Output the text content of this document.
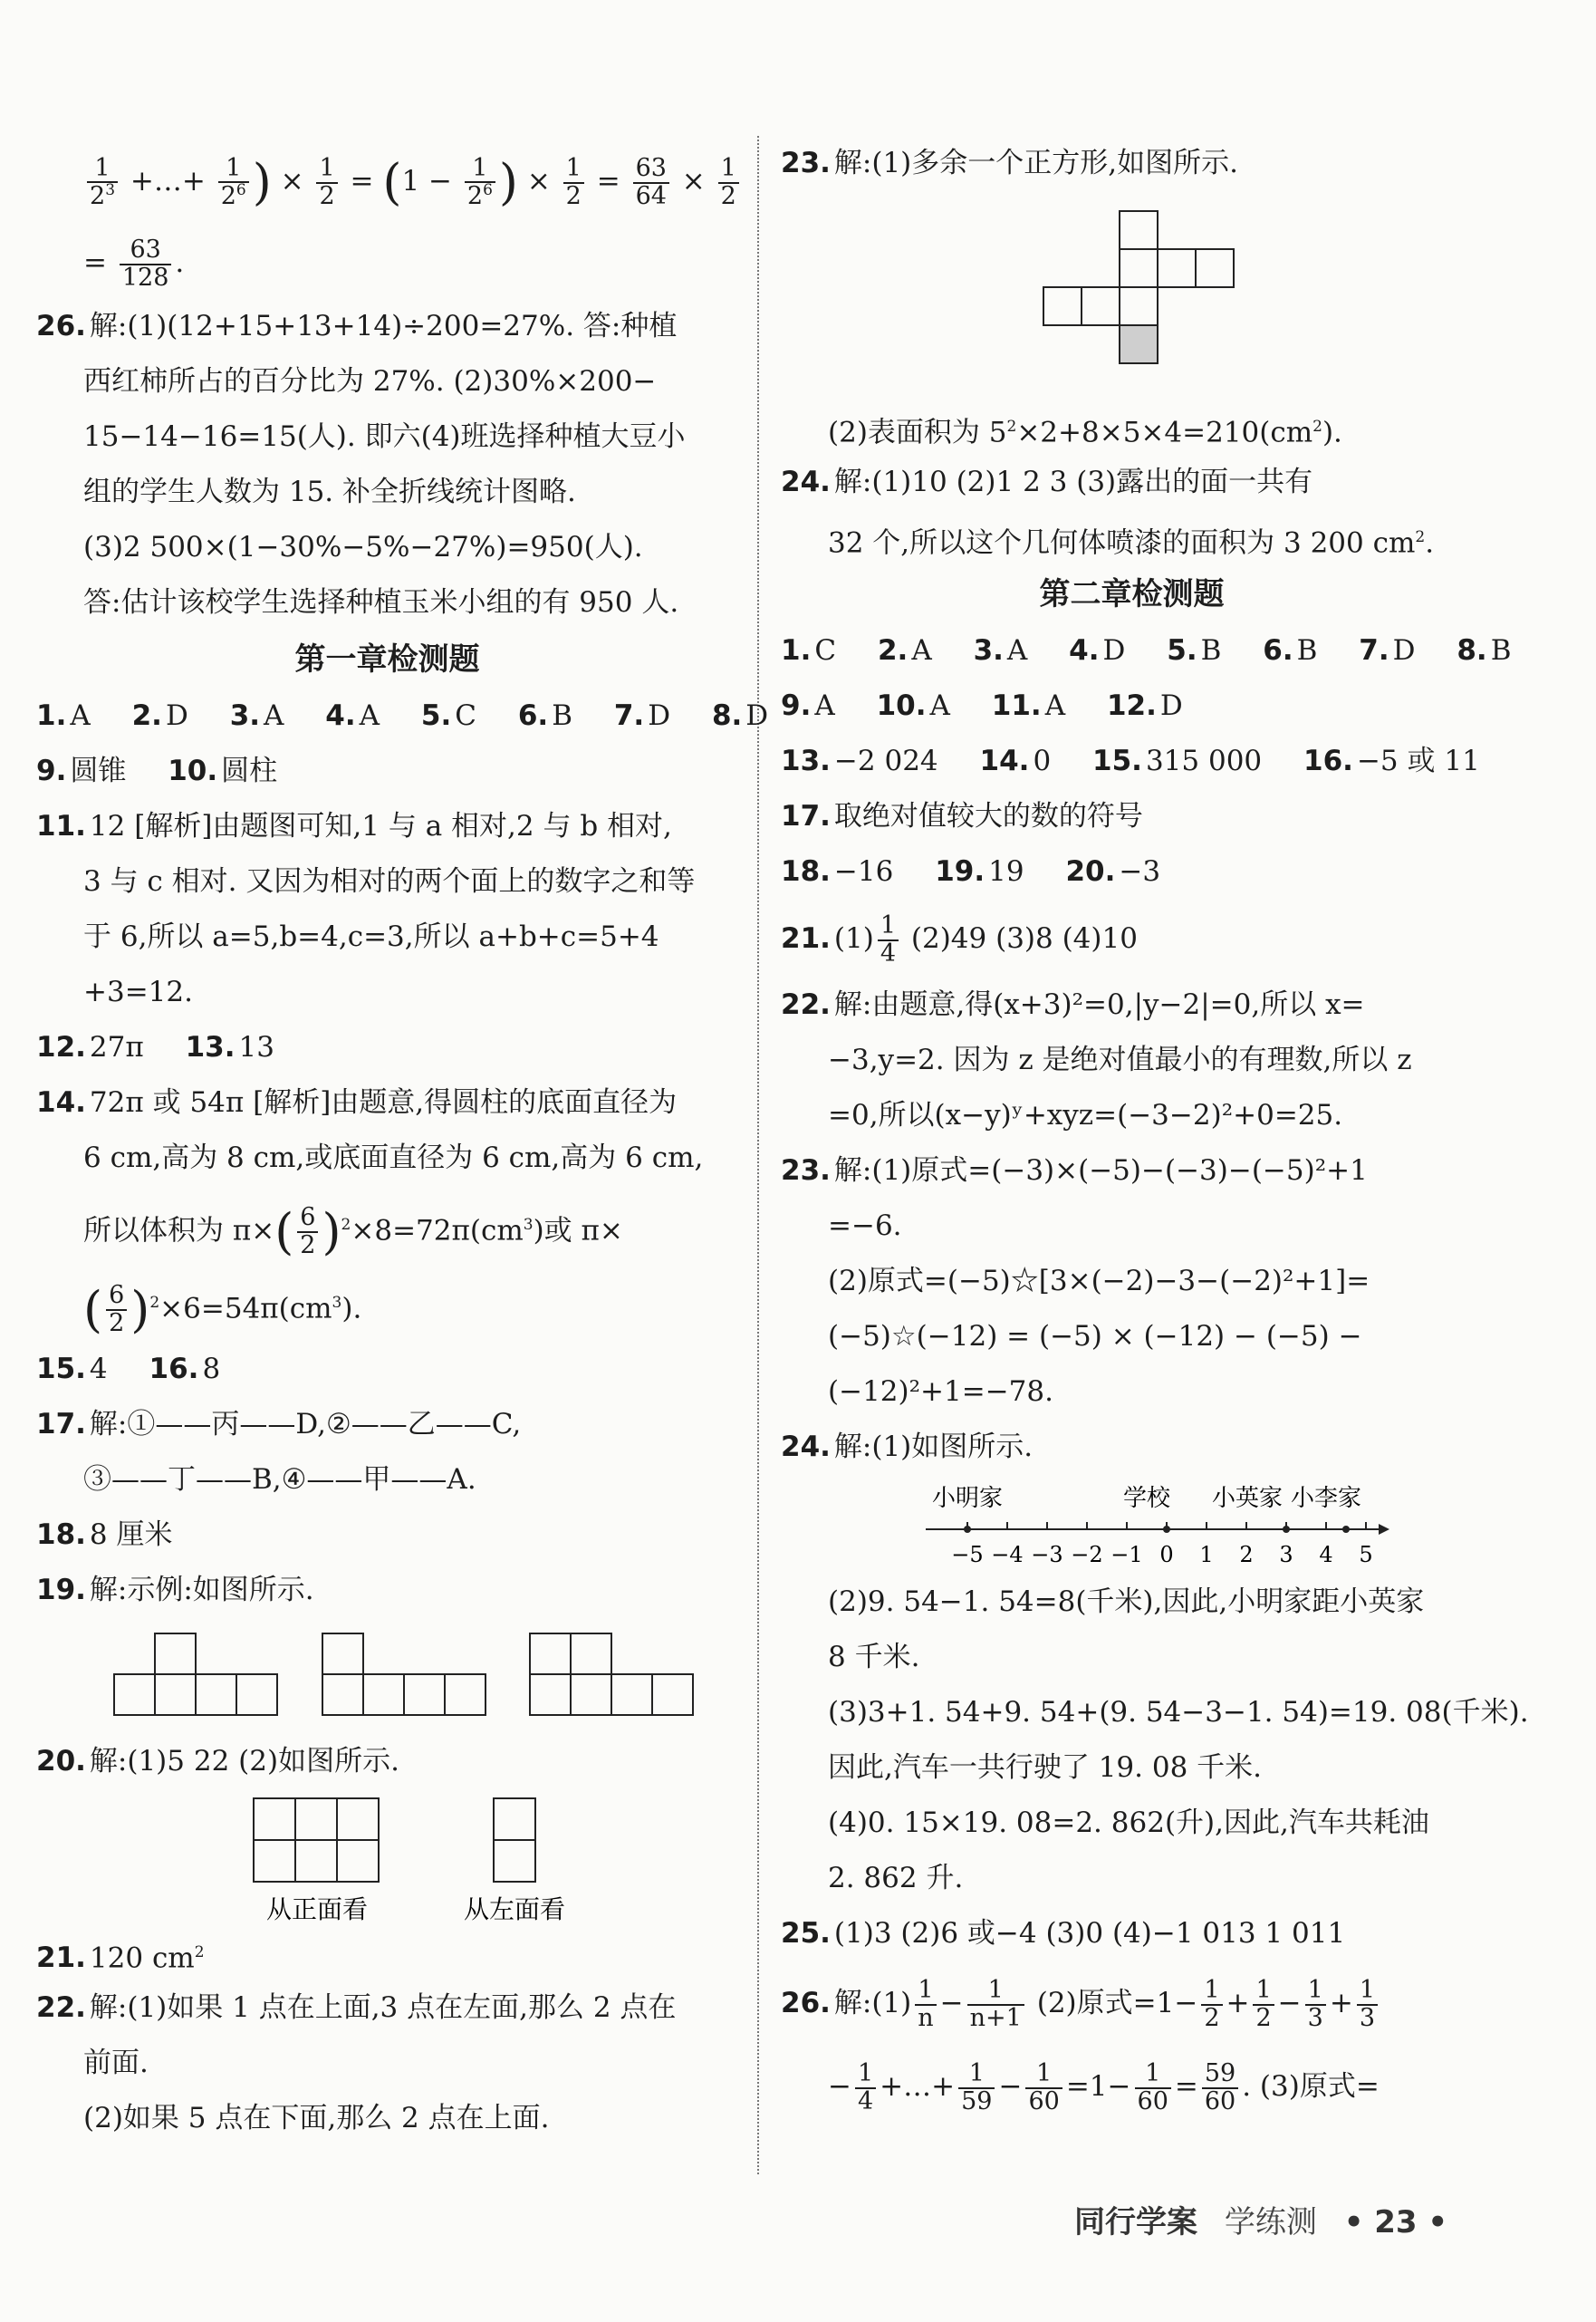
$\frac{1}{2^3}$ +…+ $\frac{1}{2^6}$ ) × $\frac{1}{2} = (1 - \frac{1}{2^6}$ ) × $\frac{1}{2} = \frac{63}{64} \times \frac{1}{2}$
= $\frac{63}{128}$ .
26. 解:(1)(12+15+13+14)÷200=27%. 答:种植
西红柿所占的百分比为 27%. (2)30%×200−
15−14−16=15(人). 即六(4)班选择种植大豆小
组的学生人数为 15. 补全折线统计图略.
(3)2 500×(1−30%−5%−27%)=950(人).
答:估计该校学生选择种植玉米小组的有 950 人.
第一章检测题
1. A 2. D 3. A 4. A 5. C 6. B 7. D 8. D
9. 圆锥 10. 圆柱
11. 12 [解析]由题图可知,1 与 a 相对,2 与 b 相对,
3 与 c 相对. 又因为相对的两个面上的数字之和等
于 6,所以 a=5,b=4,c=3,所以 a+b+c=5+4
+3=12.
12. 27π 13. 13
14. 72π 或 54π [解析]由题意,得圆柱的底面直径为
6 cm,高为 8 cm,或底面直径为 6 cm,高为 6 cm,
所以体积为 $\pi\times( \frac{6}{2} )^2\times 8=72\pi(cm^3)$或 π×
( $\frac{6}{2} )^2\times 6=54\pi(cm^3)$.
15. 4 16. 8
17. 解:①——丙——D,②——乙——C,
③——丁——B,④——甲——A.
18. 8 厘米
19. 解:示例:如图所示.
20. 解:(1)5 22 (2)如图所示.
从正面看	从左面看
21. 120 $cm^2$
22. 解:(1)如果 1 点在上面,3 点在左面,那么 2 点在
前面.
(2)如果 5 点在下面,那么 2 点在上面.
23. 解:(1)多余一个正方形,如图所示.
(2)表面积为 $5^2\times 2+8\times 5\times 4=210(cm^2)$.
24. 解:(1)10 (2)1 2 3 (3)露出的面一共有
32 个,所以这个几何体喷漆的面积为 3 200 $cm^2$.
第二章检测题
1. C 2. A 3. A 4. D 5. B 6. B 7. D 8. B
9. A 10. A 11. A 12. D
13. −2 024 14. 0 15. 315 000 16. −5 或 11
17. 取绝对值较大的数的符号
18. −16 19. 19 20. −3
21. $(1) \frac{1}{4} (2)49$ (3)8 (4)10
22. 解:由题意,得(x+3)²=0,|y−2|=0,所以 x=
−3,y=2. 因为 z 是绝对值最小的有理数,所以 z
=0,所以(x−y)ʸ+xyz=(−3−2)²+0=25.
23. 解:(1)原式=(−3)×(−5)−(−3)−(−5)²+1
=−6.
(2)原式=(−5)☆[3×(−2)−3−(−2)²+1]=
(−5)☆(−12) = (−5) × (−12) − (−5) −
(−12)²+1=−78.
24. 解:(1)如图所示.
−5 −4 −3 −2 −1 0 1 2 3 4 5
小明家	学校 小英家 小李家
(2)9. 54−1. 54=8(千米),因此,小明家距小英家
8 千米.
(3)3+1. 54+9. 54+(9. 54−3−1. 54)=19. 08(千米).
因此,汽车一共行驶了 19. 08 千米.
(4)0. 15×19. 08=2. 862(升),因此,汽车共耗油
2. 862 升.
25. (1)3 (2)6 或−4 (3)0 (4)−1 013 1 011
26. 解:(1) $\frac{1}{n} - \frac{1}{n+1} (2)$原式$=1- \frac{1}{2} + \frac{1}{2} - \frac{1}{3} + \frac{1}{3}$
− $\frac{1}{4}$ +…+ $\frac{1}{59} - \frac{1}{60} =1- \frac{1}{60} = \frac{59}{60}$ . (3)原式=
同行学案 学练测 • 23 •
